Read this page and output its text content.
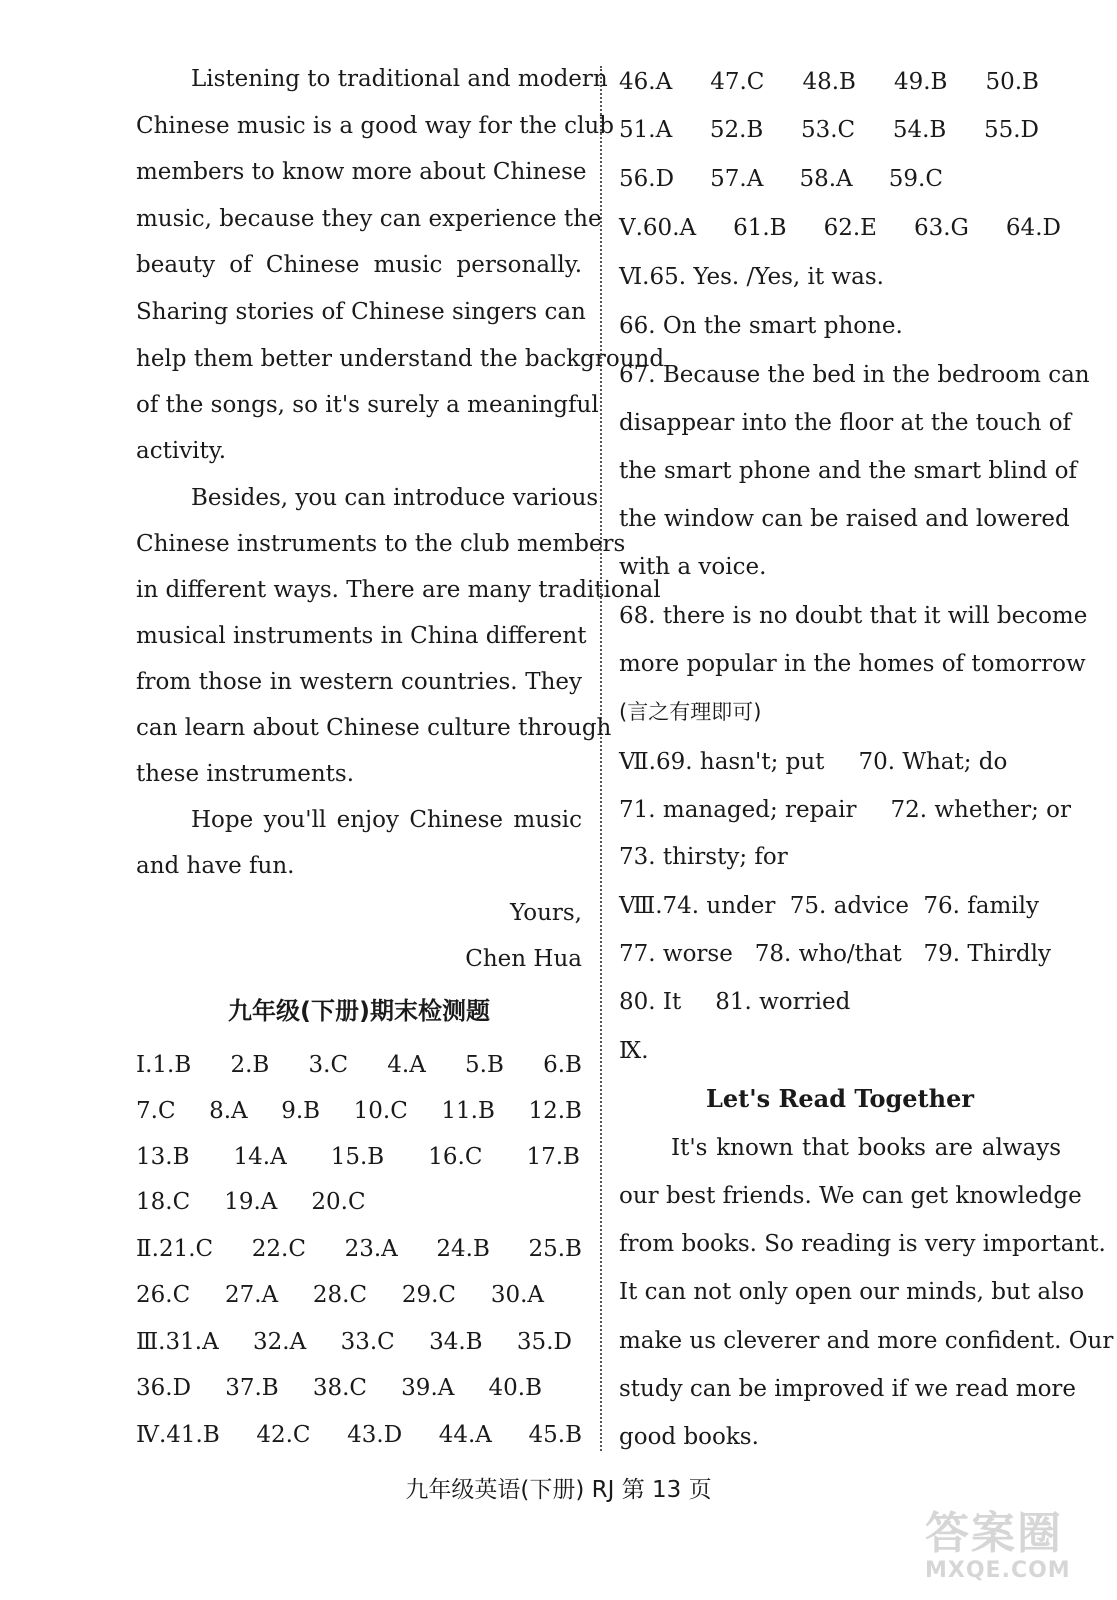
Listening to traditional and modern
Chinese music is a good way for the club
members to know more about Chinese
music, because they can experience the
beauty of Chinese music personally.
Sharing stories of Chinese singers can
help them better understand the background
of the songs, so it's surely a meaningful
activity.
Besides, you can introduce various
Chinese instruments to the club members
in different ways. There are many traditional
musical instruments in China different
from those in western countries. They
can learn about Chinese culture through
these instruments.
Hope you'll enjoy Chinese music
and have fun.
Yours,
Chen Hua
九年级(下册)期末检测题
Ⅰ.1.B 2.B 3.C 4.A 5.B 6.B
7.C 8.A 9.B 10.C 11.B 12.B
13.B 14.A 15.B 16.C 17.B
18.C 19.A 20.C
Ⅱ.21.C 22.C 23.A 24.B 25.B
26.C 27.A 28.C 29.C 30.A
Ⅲ.31.A 32.A 33.C 34.B 35.D
36.D 37.B 38.C 39.A 40.B
Ⅳ.41.B 42.C 43.D 44.A 45.B
46.A 47.C 48.B 49.B 50.B
51.A 52.B 53.C 54.B 55.D
56.D 57.A 58.A 59.C
Ⅴ.60.A 61.B 62.E 63.G 64.D
Ⅵ.65. Yes. /Yes, it was.
66. On the smart phone.
67. Because the bed in the bedroom can
disappear into the floor at the touch of
the smart phone and the smart blind of
the window can be raised and lowered
with a voice.
68. there is no doubt that it will become
more popular in the homes of tomorrow
(言之有理即可)
Ⅶ.69. hasn't; put 70. What; do
71. managed; repair 72. whether; or
73. thirsty; for
Ⅷ.74. under 75. advice 76. family
77. worse 78. who/that 79. Thirdly
80. It 81. worried
Ⅸ.
Let's Read Together
It's known that books are always
our best friends. We can get knowledge
from books. So reading is very important.
It can not only open our minds, but also
make us cleverer and more confident. Our
study can be improved if we read more
good books.
九年级英语(下册) RJ 第 13 页
答案圈
MXQE.COM
